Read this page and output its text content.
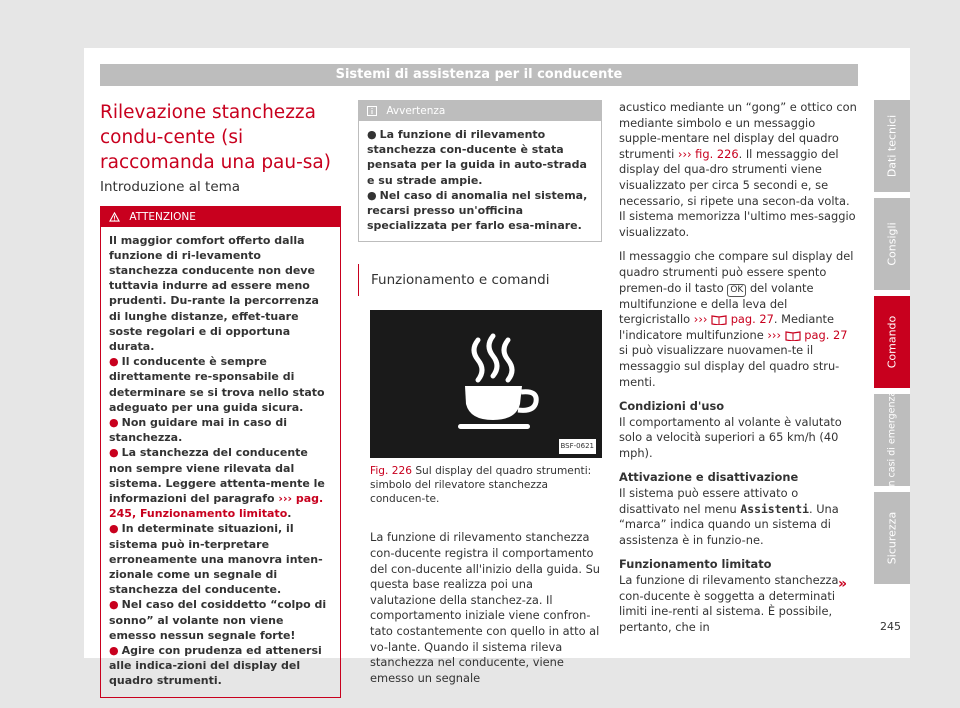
Sistemi di assistenza per il conducente
Rilevazione stanchezza condu-cente (si raccomanda una pau-sa)
Introduzione al tema
ATTENZIONE

Il maggior comfort offerto dalla funzione di ri-levamento stanchezza conducente non deve tuttavia indurre ad essere meno prudenti. Du-rante la percorrenza di lunghe distanze, effet-tuare soste regolari e di opportuna durata.

● Il conducente è sempre direttamente re-sponsabile di determinare se si trova nello stato adeguato per una guida sicura.

● Non guidare mai in caso di stanchezza.

● La stanchezza del conducente non sempre viene rilevata dal sistema. Leggere attenta-mente le informazioni del paragrafo ››› pag. 245, Funzionamento limitato.

● In determinate situazioni, il sistema può in-terpretare erroneamente una manovra inten-zionale come un segnale di stanchezza del conducente.

● Nel caso del cosiddetto “colpo di sonno” al volante non viene emesso nessun segnale forte!

● Agire con prudenza ed attenersi alle indica-zioni del display del quadro strumenti.

Avvertenza

● La funzione di rilevamento stanchezza con-ducente è stata pensata per la guida in auto-strada e su strade ampie.

● Nel caso di anomalia nel sistema, recarsi presso un'officina specializzata per farlo esa-minare.

Funzionamento e comandi
BSF-0621

Fig. 226 Sul display del quadro strumenti: simbolo del rilevatore stanchezza conducen-te.

La funzione di rilevamento stanchezza con-ducente registra il comportamento del con-ducente all'inizio della guida. Su questa base realizza poi una valutazione della stanchez-za. Il comportamento iniziale viene confron-tato costantemente con quello in atto al vo-lante. Quando il sistema rileva stanchezza nel conducente, viene emesso un segnale

acustico mediante un “gong” e ottico con mediante simbolo e un messaggio supple-mentare nel display del quadro strumenti ››› fig. 226. Il messaggio del display del qua-dro strumenti viene visualizzato per circa 5 secondi e, se necessario, si ripete una secon-da volta. Il sistema memorizza l'ultimo mes-saggio visualizzato.

Il messaggio che compare sul display del quadro strumenti può essere spento premen-do il tasto OK del volante multifunzione e della leva del tergicristallo ››› pag. 27. Mediante l'indicatore multifunzione ››› pag. 27 si può visualizzare nuovamen-te il messaggio sul display del quadro stru-menti.

Condizioni d'uso

Il comportamento al volante è valutato solo a velocità superiori a 65 km/h (40 mph).

Attivazione e disattivazione

Il sistema può essere attivato o disattivato nel menu Assistenti. Una “marca” indica quando un sistema di assistenza è in funzio-ne.

Funzionamento limitato

La funzione di rilevamento stanchezza con-ducente è soggetta a determinati limiti ine-renti al sistema. È possibile, pertanto, che in

»
Dati tecnici
Consigli
Comando
In casi di emergenza
Sicurezza
245
